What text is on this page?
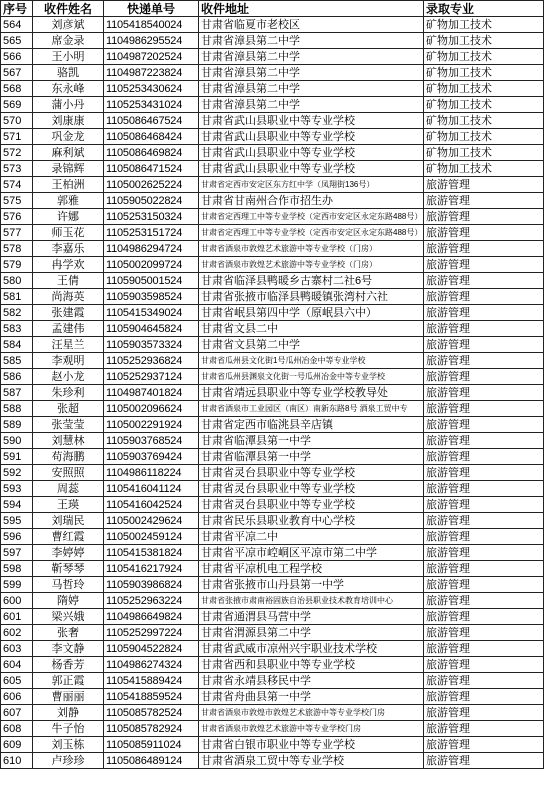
序号	收件姓名	快递单号	收件地址	录取专业
564	刘彦斌	1105418540024	甘肃省临夏市老校区	矿物加工技术
565	席金录	1104986295524	甘肃省漳县第二中学	矿物加工技术
566	王小明	1104987202524	甘肃省漳县第二中学	矿物加工技术
567	骆凯	1104987223824	甘肃省漳县第二中学	矿物加工技术
568	东永峰	1105253430624	甘肃省漳县第二中学	矿物加工技术
569	蒲小丹	1105253431024	甘肃省漳县第二中学	矿物加工技术
570	刘康康	1105086467524	甘肃省武山县职业中等专业学校	矿物加工技术
571	巩金龙	1105086468424	甘肃省武山县职业中等专业学校	矿物加工技术
572	麻利斌	1105086469824	甘肃省武山县职业中等专业学校	矿物加工技术
573	录锦辉	1105086471524	甘肃省武山县职业中等专业学校	矿物加工技术
574	王柏洲	1105002625224	甘肃省定西市安定区东方红中学（凤翔街136号）	旅游管理
575	郭雅	1105905022824	甘肃省甘南州合作市招生办	旅游管理
576	许娜	1105253150324	甘肃省定西理工中等专业学校（定西市安定区永定东路488号）	旅游管理
577	师玉花	1105253151724	甘肃省定西理工中等专业学校（定西市安定区永定东路488号）	旅游管理
578	李嘉乐	1104986294724	甘肃省酒泉市敦煌艺术旅游中等专业学校（门房）	旅游管理
579	冉学欢	1105002099724	甘肃省酒泉市敦煌艺术旅游中等专业学校（门房）	旅游管理
580	王倩	1105905001524	甘肃省临泽县鸭暖乡古寨村二社6号	旅游管理
581	尚海英	1105903598524	甘肃省张掖市临泽县鸭暖镇张湾村六社	旅游管理
582	张建霞	1105415349024	甘肃省岷县第四中学（原岷县六中）	旅游管理
583	孟建伟	1105904645824	甘肃省文县二中	旅游管理
584	汪星兰	1105903573324	甘肃省文县第二中学	旅游管理
585	李观明	1105252936824	甘肃省瓜州县文化街1号瓜州冶金中等专业学校	旅游管理
586	赵小龙	1105252937124	甘肃省瓜州县渊泉文化街一号瓜州冶金中等专业学校	旅游管理
587	朱珍利	1104987401824	甘肃省靖远县职业中等专业学校教导处	旅游管理
588	张超	1105002096624	甘肃省酒泉市工业园区（南区）南新东路8号 酒泉工贸中专	旅游管理
589	张莹莹	1105002291924	甘肃省定西市临洮县辛店镇	旅游管理
590	刘慧林	1105903768524	甘肃省临潭县第一中学	旅游管理
591	苟海鹏	1105903769424	甘肃省临潭县第一中学	旅游管理
592	安照照	1104986118224	甘肃省灵台县职业中等专业学校	旅游管理
593	周蕊	1105416041124	甘肃省灵台县职业中等专业学校	旅游管理
594	王瑛	1105416042524	甘肃省灵台县职业中等专业学校	旅游管理
595	刘瑞民	1105002429624	甘肃省民乐县职业教育中心学校	旅游管理
596	曹红霞	1105002459124	甘肃省平凉二中	旅游管理
597	李婷婷	1105415381824	甘肃省平凉市崆峒区平凉市第二中学	旅游管理
598	靳琴琴	1105416217924	甘肃省平凉机电工程学校	旅游管理
599	马哲玲	1105903986824	甘肃省张掖市山丹县第一中学	旅游管理
600	隋婷	1105252963224	甘肃省张掖市肃南裕固族自治县职业技术教育培训中心	旅游管理
601	梁兴娥	1104986649824	甘肃省通渭县马营中学	旅游管理
602	张奢	1105252997224	甘肃省渭源县第二中学	旅游管理
603	李文静	1105904522824	甘肃省武威市凉州兴宇职业技术学校	旅游管理
604	杨香芳	1104986274324	甘肃省西和县职业中等专业学校	旅游管理
605	郭正霞	1105415889424	甘肃省永靖县移民中学	旅游管理
606	曹丽丽	1105418859524	甘肃省舟曲县第一中学	旅游管理
607	刘静	1105085782524	甘肃省酒泉市敦煌市敦煌艺术旅游中等专业学校门房	旅游管理
608	牛子怡	1105085782924	甘肃省酒泉市敦煌艺术旅游中等专业学校门房	旅游管理
609	刘玉栋	1105085911024	甘肃省白银市职业中等专业学校	旅游管理
610	卢珍珍	1105086489124	甘肃省酒泉工贸中等专业学校	旅游管理
